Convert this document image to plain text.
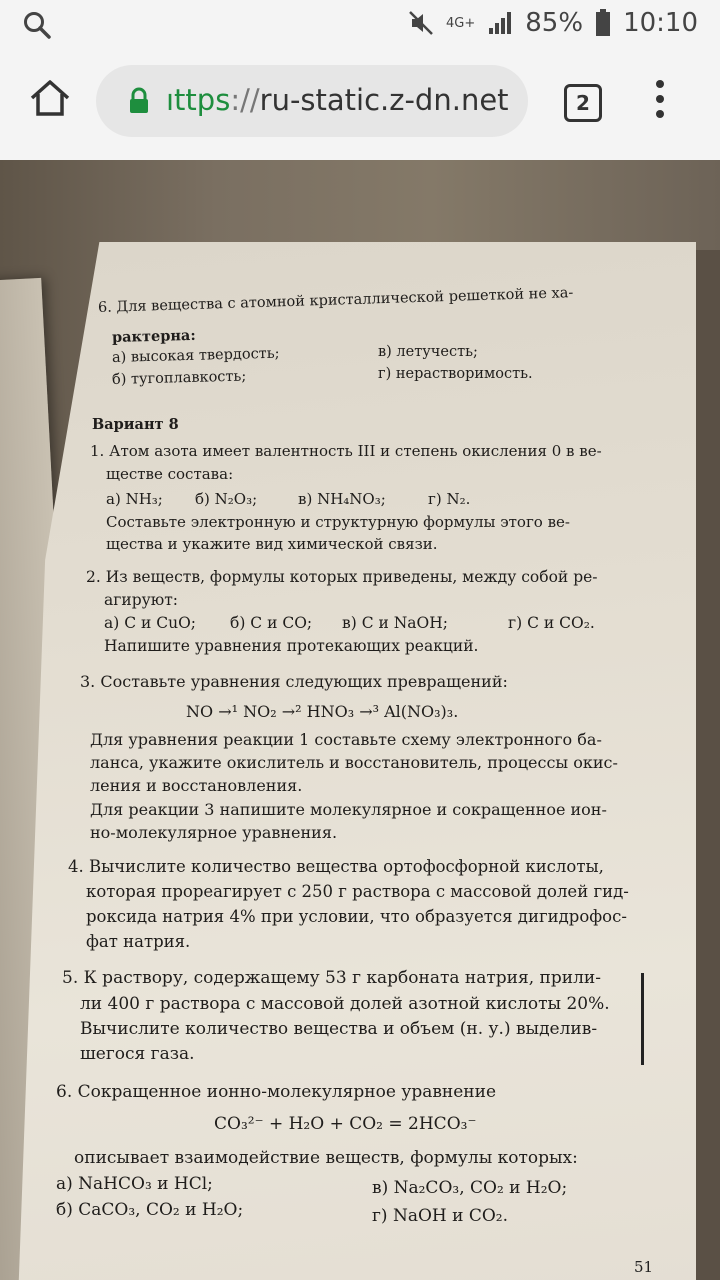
4G+ 85% 10:10
ıttps://ru-static.z-dn.net	2
6. Для вещества с атомной кристаллической решеткой не ха-
рактерна:
а) высокая твердость;	в) летучесть;
б) тугоплавкость;	г) нерастворимость.
Вариант 8
1. Атом азота имеет валентность III и степень окисления 0 в ве-
ществе состава:
а) NH₃; б) N₂O₃;	в) NH₄NO₃;	г) N₂.
Составьте электронную и структурную формулы этого ве-
щества и укажите вид химической связи.
2. Из веществ, формулы которых приведены, между собой ре-
агируют:
а) C и CuO; б) C и CO; в) C и NaOH;	г) C и CO₂.
Напишите уравнения протекающих реакций.
3. Составьте уравнения следующих превращений:
NO →¹ NO₂ →² HNO₃ →³ Al(NO₃)₃.
Для уравнения реакции 1 составьте схему электронного ба-
ланса, укажите окислитель и восстановитель, процессы окис-
ления и восстановления.
Для реакции 3 напишите молекулярное и сокращенное ион-
но-молекулярное уравнения.
4. Вычислите количество вещества ортофосфорной кислоты,
которая прореагирует с 250 г раствора с массовой долей гид-
роксида натрия 4% при условии, что образуется дигидрофос-
фат натрия.
5. К раствору, содержащему 53 г карбоната натрия, прили-
ли 400 г раствора с массовой долей азотной кислоты 20%.
Вычислите количество вещества и объем (н. у.) выделив-
шегося газа.
6. Сокращенное ионно-молекулярное уравнение
CO₃²⁻ + H₂O + CO₂ = 2HCO₃⁻
описывает взаимодействие веществ, формулы которых:
а) NaHCO₃ и HCl;	в) Na₂CO₃, CO₂ и H₂O;
б) CaCO₃, CO₂ и H₂O;	г) NaOH и CO₂.
51
